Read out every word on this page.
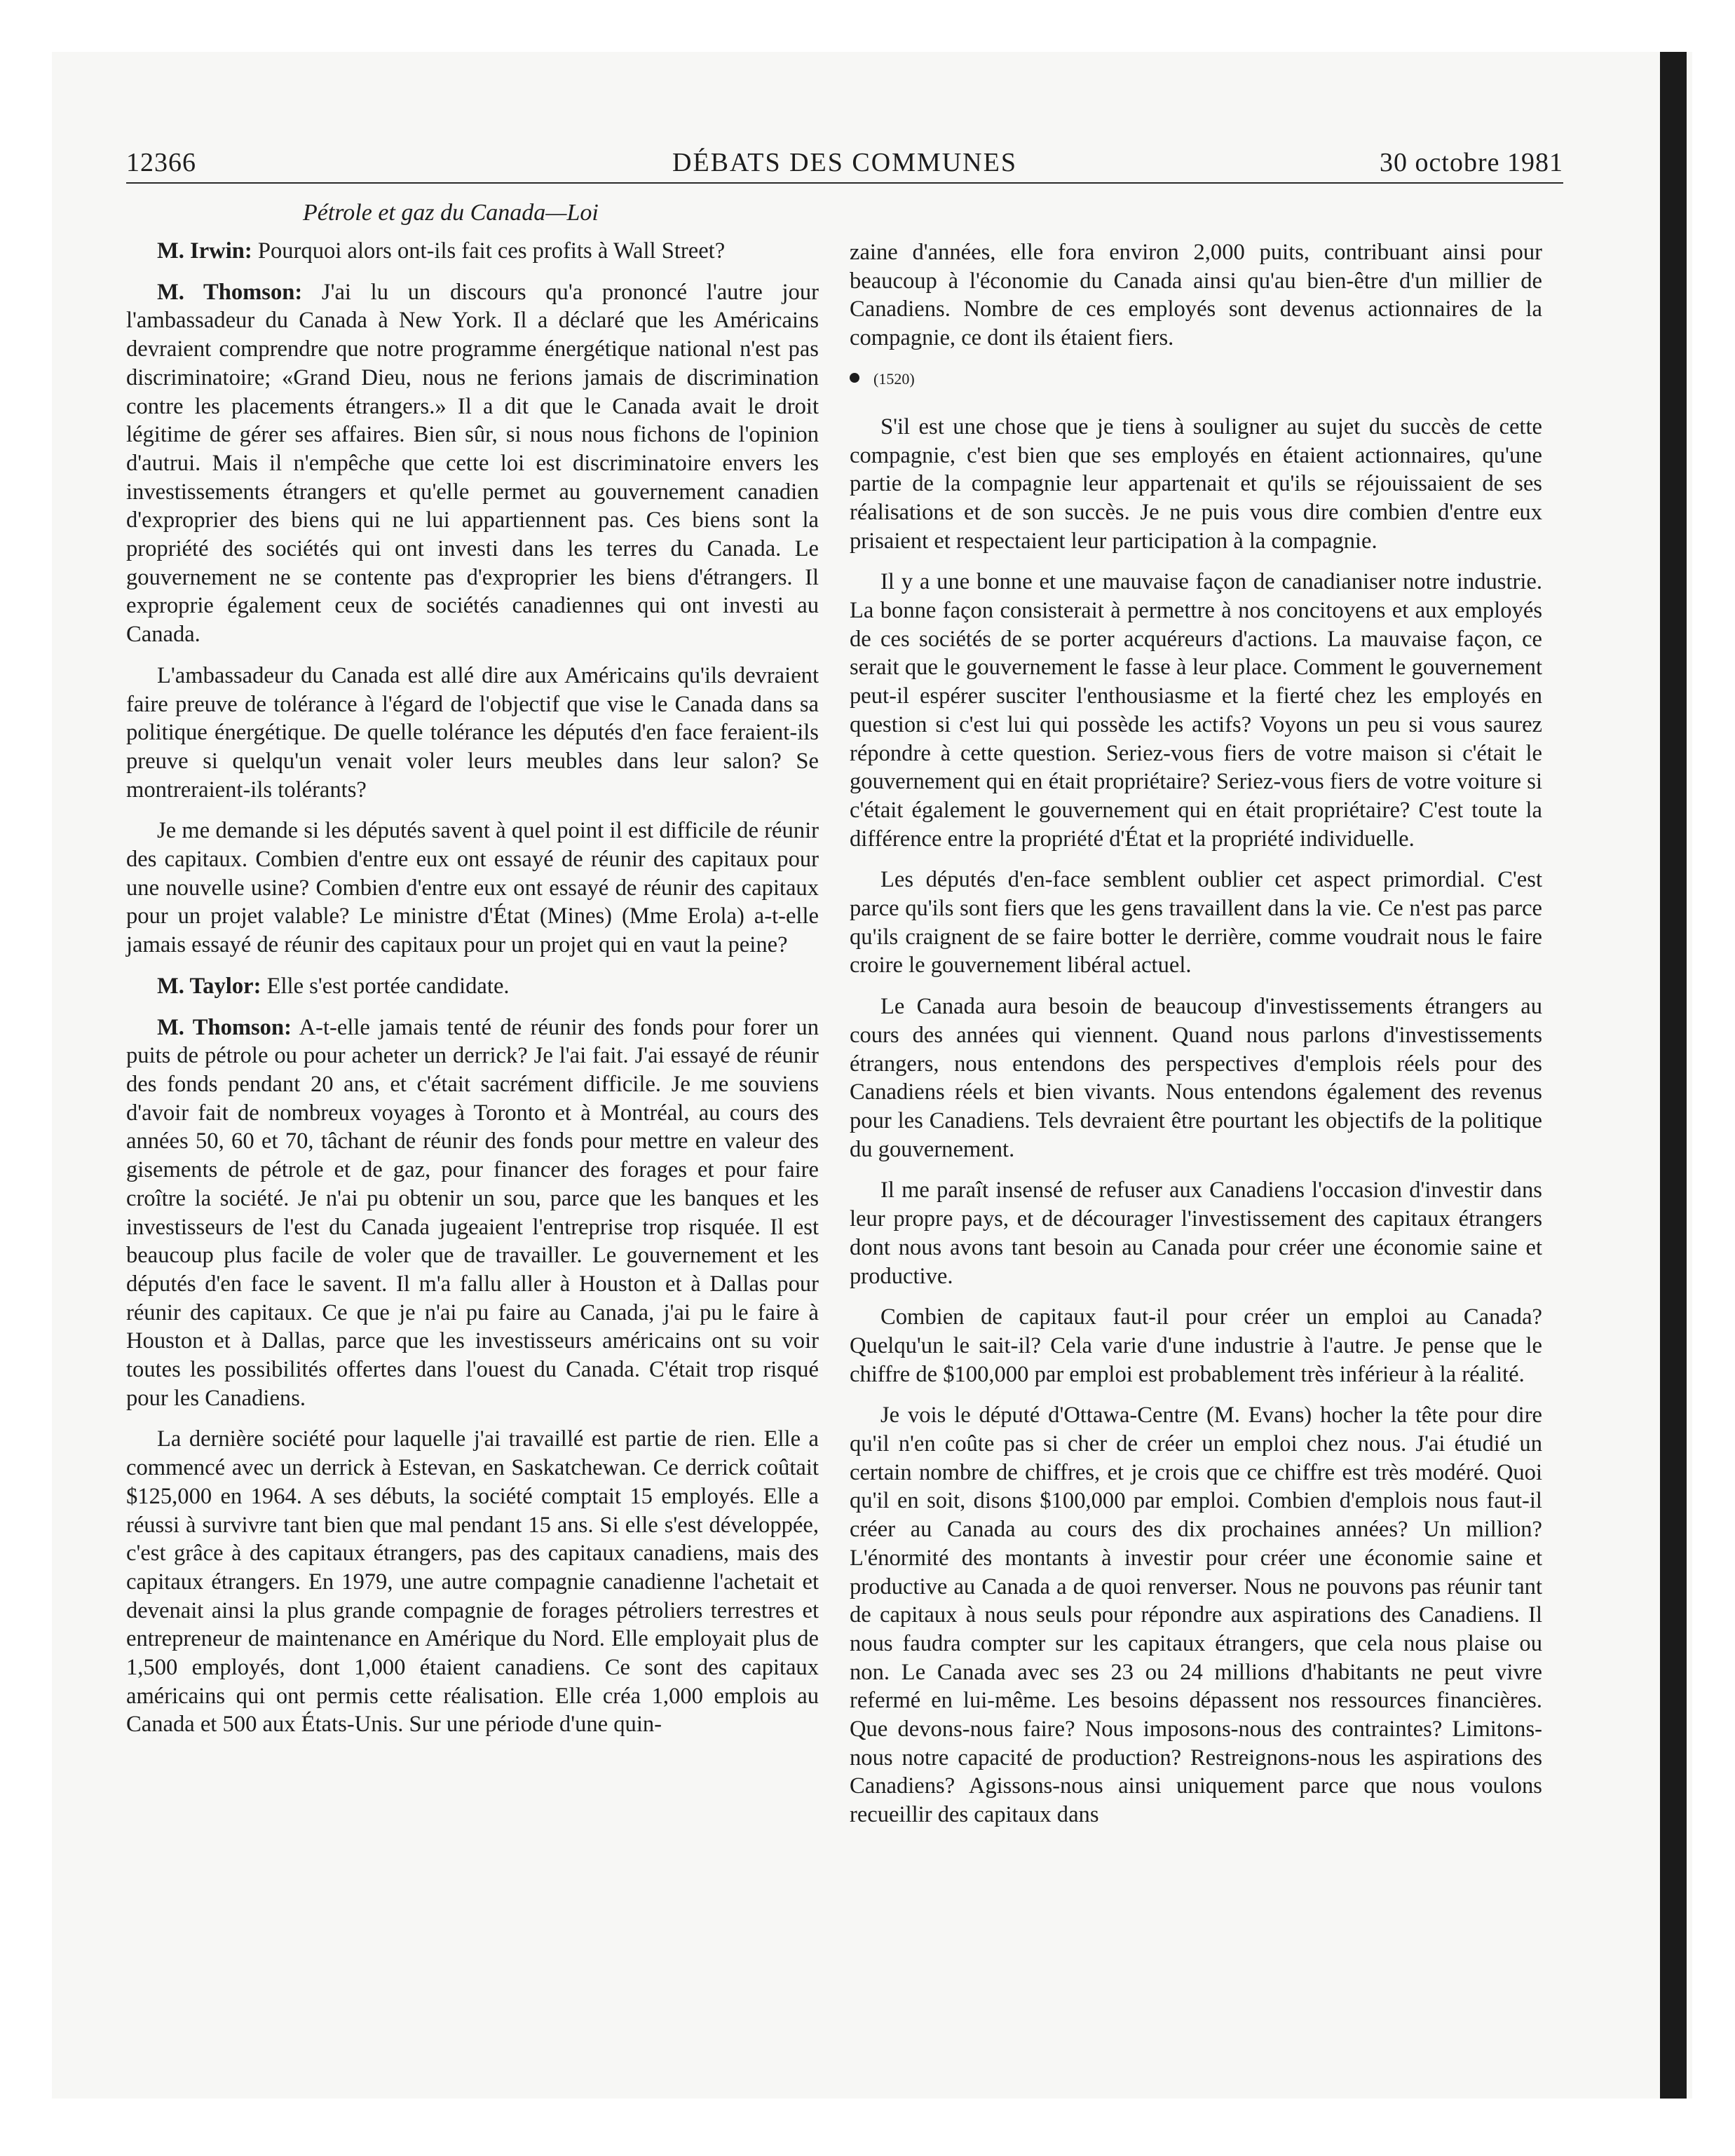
12366	DÉBATS DES COMMUNES	30 octobre 1981
Pétrole et gaz du Canada—Loi

M. Irwin: Pourquoi alors ont-ils fait ces profits à Wall Street?

M. Thomson: J'ai lu un discours qu'a prononcé l'autre jour l'ambassadeur du Canada à New York. Il a déclaré que les Américains devraient comprendre que notre programme énergétique national n'est pas discriminatoire; «Grand Dieu, nous ne ferions jamais de discrimination contre les placements étrangers.» Il a dit que le Canada avait le droit légitime de gérer ses affaires. Bien sûr, si nous nous fichons de l'opinion d'autrui. Mais il n'empêche que cette loi est discriminatoire envers les investissements étrangers et qu'elle permet au gouvernement canadien d'exproprier des biens qui ne lui appartiennent pas. Ces biens sont la propriété des sociétés qui ont investi dans les terres du Canada. Le gouvernement ne se contente pas d'exproprier les biens d'étrangers. Il exproprie également ceux de sociétés canadiennes qui ont investi au Canada.

L'ambassadeur du Canada est allé dire aux Américains qu'ils devraient faire preuve de tolérance à l'égard de l'objectif que vise le Canada dans sa politique énergétique. De quelle tolérance les députés d'en face feraient-ils preuve si quelqu'un venait voler leurs meubles dans leur salon? Se montreraient-ils tolérants?

Je me demande si les députés savent à quel point il est difficile de réunir des capitaux. Combien d'entre eux ont essayé de réunir des capitaux pour une nouvelle usine? Combien d'entre eux ont essayé de réunir des capitaux pour un projet valable? Le ministre d'État (Mines) (Mme Erola) a-t-elle jamais essayé de réunir des capitaux pour un projet qui en vaut la peine?

M. Taylor: Elle s'est portée candidate.

M. Thomson: A-t-elle jamais tenté de réunir des fonds pour forer un puits de pétrole ou pour acheter un derrick? Je l'ai fait. J'ai essayé de réunir des fonds pendant 20 ans, et c'était sacrément difficile. Je me souviens d'avoir fait de nombreux voyages à Toronto et à Montréal, au cours des années 50, 60 et 70, tâchant de réunir des fonds pour mettre en valeur des gisements de pétrole et de gaz, pour financer des forages et pour faire croître la société. Je n'ai pu obtenir un sou, parce que les banques et les investisseurs de l'est du Canada jugeaient l'entreprise trop risquée. Il est beaucoup plus facile de voler que de travailler. Le gouvernement et les députés d'en face le savent. Il m'a fallu aller à Houston et à Dallas pour réunir des capitaux. Ce que je n'ai pu faire au Canada, j'ai pu le faire à Houston et à Dallas, parce que les investisseurs américains ont su voir toutes les possibilités offertes dans l'ouest du Canada. C'était trop risqué pour les Canadiens.

La dernière société pour laquelle j'ai travaillé est partie de rien. Elle a commencé avec un derrick à Estevan, en Saskatchewan. Ce derrick coûtait $125,000 en 1964. A ses débuts, la société comptait 15 employés. Elle a réussi à survivre tant bien que mal pendant 15 ans. Si elle s'est développée, c'est grâce à des capitaux étrangers, pas des capitaux canadiens, mais des capitaux étrangers. En 1979, une autre compagnie canadienne l'achetait et devenait ainsi la plus grande compagnie de forages pétroliers terrestres et entrepreneur de maintenance en Amérique du Nord. Elle employait plus de 1,500 employés, dont 1,000 étaient canadiens. Ce sont des capitaux américains qui ont permis cette réalisation. Elle créa 1,000 emplois au Canada et 500 aux États-Unis. Sur une période d'une quin-

zaine d'années, elle fora environ 2,000 puits, contribuant ainsi pour beaucoup à l'économie du Canada ainsi qu'au bien-être d'un millier de Canadiens. Nombre de ces employés sont devenus actionnaires de la compagnie, ce dont ils étaient fiers.

(1520)

S'il est une chose que je tiens à souligner au sujet du succès de cette compagnie, c'est bien que ses employés en étaient actionnaires, qu'une partie de la compagnie leur appartenait et qu'ils se réjouissaient de ses réalisations et de son succès. Je ne puis vous dire combien d'entre eux prisaient et respectaient leur participation à la compagnie.

Il y a une bonne et une mauvaise façon de canadianiser notre industrie. La bonne façon consisterait à permettre à nos concitoyens et aux employés de ces sociétés de se porter acquéreurs d'actions. La mauvaise façon, ce serait que le gouvernement le fasse à leur place. Comment le gouvernement peut-il espérer susciter l'enthousiasme et la fierté chez les employés en question si c'est lui qui possède les actifs? Voyons un peu si vous saurez répondre à cette question. Seriez-vous fiers de votre maison si c'était le gouvernement qui en était propriétaire? Seriez-vous fiers de votre voiture si c'était également le gouvernement qui en était propriétaire? C'est toute la différence entre la propriété d'État et la propriété individuelle.

Les députés d'en-face semblent oublier cet aspect primordial. C'est parce qu'ils sont fiers que les gens travaillent dans la vie. Ce n'est pas parce qu'ils craignent de se faire botter le derrière, comme voudrait nous le faire croire le gouvernement libéral actuel.

Le Canada aura besoin de beaucoup d'investissements étrangers au cours des années qui viennent. Quand nous parlons d'investissements étrangers, nous entendons des perspectives d'emplois réels pour des Canadiens réels et bien vivants. Nous entendons également des revenus pour les Canadiens. Tels devraient être pourtant les objectifs de la politique du gouvernement.

Il me paraît insensé de refuser aux Canadiens l'occasion d'investir dans leur propre pays, et de décourager l'investissement des capitaux étrangers dont nous avons tant besoin au Canada pour créer une économie saine et productive.

Combien de capitaux faut-il pour créer un emploi au Canada? Quelqu'un le sait-il? Cela varie d'une industrie à l'autre. Je pense que le chiffre de $100,000 par emploi est probablement très inférieur à la réalité.

Je vois le député d'Ottawa-Centre (M. Evans) hocher la tête pour dire qu'il n'en coûte pas si cher de créer un emploi chez nous. J'ai étudié un certain nombre de chiffres, et je crois que ce chiffre est très modéré. Quoi qu'il en soit, disons $100,000 par emploi. Combien d'emplois nous faut-il créer au Canada au cours des dix prochaines années? Un million? L'énormité des montants à investir pour créer une économie saine et productive au Canada a de quoi renverser. Nous ne pouvons pas réunir tant de capitaux à nous seuls pour répondre aux aspirations des Canadiens. Il nous faudra compter sur les capitaux étrangers, que cela nous plaise ou non. Le Canada avec ses 23 ou 24 millions d'habitants ne peut vivre refermé en lui-même. Les besoins dépassent nos ressources financières. Que devons-nous faire? Nous imposons-nous des contraintes? Limitons-nous notre capacité de production? Restreignons-nous les aspirations des Canadiens? Agissons-nous ainsi uniquement parce que nous voulons recueillir des capitaux dans
